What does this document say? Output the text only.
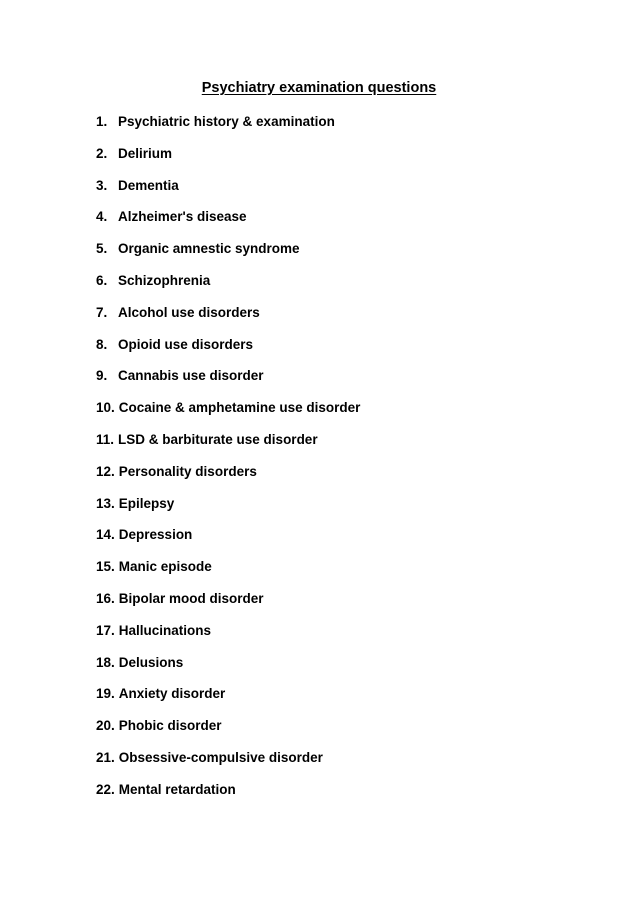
Psychiatry examination questions
1. Psychiatric history & examination
2. Delirium
3. Dementia
4. Alzheimer's disease
5. Organic amnestic syndrome
6. Schizophrenia
7. Alcohol use disorders
8. Opioid use disorders
9. Cannabis use disorder
10. Cocaine & amphetamine use disorder
11. LSD & barbiturate use disorder
12. Personality disorders
13. Epilepsy
14. Depression
15. Manic episode
16. Bipolar mood disorder
17. Hallucinations
18. Delusions
19. Anxiety disorder
20. Phobic disorder
21. Obsessive-compulsive disorder
22. Mental retardation
